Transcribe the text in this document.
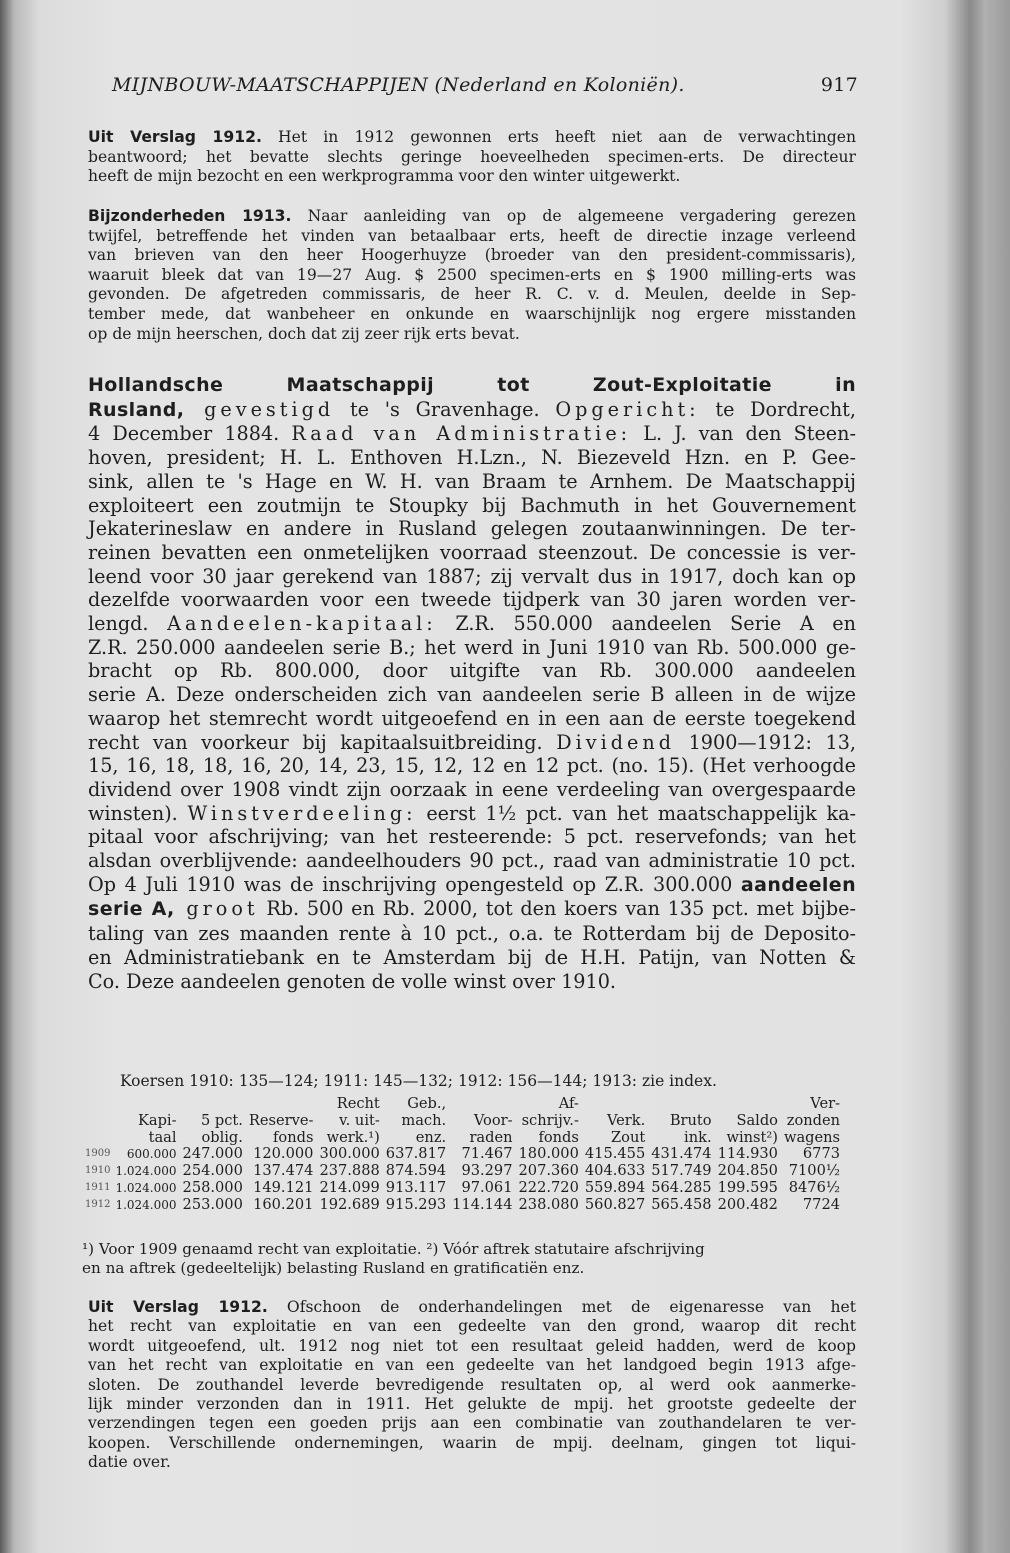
MIJNBOUW-MAATSCHAPPIJEN (Nederland en Koloniën).	917
Uit Verslag 1912. Het in 1912 gewonnen erts heeft niet aan de verwachtingen
beantwoord; het bevatte slechts geringe hoeveelheden specimen-erts. De directeur
heeft de mijn bezocht en een werkprogramma voor den winter uitgewerkt.
Bijzonderheden 1913. Naar aanleiding van op de algemeene vergadering gerezen
twijfel, betreffende het vinden van betaalbaar erts, heeft de directie inzage verleend
van brieven van den heer Hoogerhuyze (broeder van den president-commissaris),
waaruit bleek dat van 19—27 Aug. $ 2500 specimen-erts en $ 1900 milling-erts was
gevonden. De afgetreden commissaris, de heer R. C. v. d. Meulen, deelde in Sep-
tember mede, dat wanbeheer en onkunde en waarschijnlijk nog ergere misstanden
op de mijn heerschen, doch dat zij zeer rijk erts bevat.
Hollandsche Maatschappij tot Zout-Exploitatie in
Rusland, gevestigd te 's Gravenhage. Opgericht: te Dordrecht,
4 December 1884. Raad van Administratie: L. J. van den Steen-
hoven, president; H. L. Enthoven H.Lzn., N. Biezeveld Hzn. en P. Gee-
sink, allen te 's Hage en W. H. van Braam te Arnhem. De Maatschappij
exploiteert een zoutmijn te Stoupky bij Bachmuth in het Gouvernement
Jekaterineslaw en andere in Rusland gelegen zoutaanwinningen. De ter-
reinen bevatten een onmetelijken voorraad steenzout. De concessie is ver-
leend voor 30 jaar gerekend van 1887; zij vervalt dus in 1917, doch kan op
dezelfde voorwaarden voor een tweede tijdperk van 30 jaren worden ver-
lengd. Aandeelen-kapitaal: Z.R. 550.000 aandeelen Serie A en
Z.R. 250.000 aandeelen serie B.; het werd in Juni 1910 van Rb. 500.000 ge-
bracht op Rb. 800.000, door uitgifte van Rb. 300.000 aandeelen
serie A. Deze onderscheiden zich van aandeelen serie B alleen in de wijze
waarop het stemrecht wordt uitgeoefend en in een aan de eerste toegekend
recht van voorkeur bij kapitaalsuitbreiding. Dividend 1900—1912: 13,
15, 16, 18, 18, 16, 20, 14, 23, 15, 12, 12 en 12 pct. (no. 15). (Het verhoogde
dividend over 1908 vindt zijn oorzaak in eene verdeeling van overgespaarde
winsten). Winstverdeeling: eerst 1½ pct. van het maatschappelijk ka-
pitaal voor afschrijving; van het resteerende: 5 pct. reservefonds; van het
alsdan overblijvende: aandeelhouders 90 pct., raad van administratie 10 pct.
Op 4 Juli 1910 was de inschrijving opengesteld op Z.R. 300.000 aandeelen
serie A, groot Rb. 500 en Rb. 2000, tot den koers van 135 pct. met bijbe-
taling van zes maanden rente à 10 pct., o.a. te Rotterdam bij de Deposito-
en Administratiebank en te Amsterdam bij de H.H. Patijn, van Notten &
Co. Deze aandeelen genoten de volle winst over 1910.
Koersen 1910: 135—124; 1911: 145—132; 1912: 156—144; 1913: zie index.
				Recht	Geb.,		Af-				Ver-
	Kapi-	5 pct.	Reserve-	v. uit-	mach.	Voor-	schrijv.-	Verk.	Bruto	Saldo	zonden
	taal	oblig.	fonds	werk.¹)	enz.	raden	fonds	Zout	ink.	winst²)	wagens
1909	600.000	247.000	120.000	300.000	637.817	71.467	180.000	415.455	431.474	114.930	6773
1910	1.024.000	254.000	137.474	237.888	874.594	93.297	207.360	404.633	517.749	204.850	7100½
1911	1.024.000	258.000	149.121	214.099	913.117	97.061	222.720	559.894	564.285	199.595	8476½
1912	1.024.000	253.000	160.201	192.689	915.293	114.144	238.080	560.827	565.458	200.482	7724
¹) Voor 1909 genaamd recht van exploitatie. ²) Vóór aftrek statutaire afschrijving
en na aftrek (gedeeltelijk) belasting Rusland en gratificatiën enz.
Uit Verslag 1912. Ofschoon de onderhandelingen met de eigenaresse van het
het recht van exploitatie en van een gedeelte van den grond, waarop dit recht
wordt uitgeoefend, ult. 1912 nog niet tot een resultaat geleid hadden, werd de koop
van het recht van exploitatie en van een gedeelte van het landgoed begin 1913 afge-
sloten. De zouthandel leverde bevredigende resultaten op, al werd ook aanmerke-
lijk minder verzonden dan in 1911. Het gelukte de mpij. het grootste gedeelte der
verzendingen tegen een goeden prijs aan een combinatie van zouthandelaren te ver-
koopen. Verschillende ondernemingen, waarin de mpij. deelnam, gingen tot liqui-
datie over.
